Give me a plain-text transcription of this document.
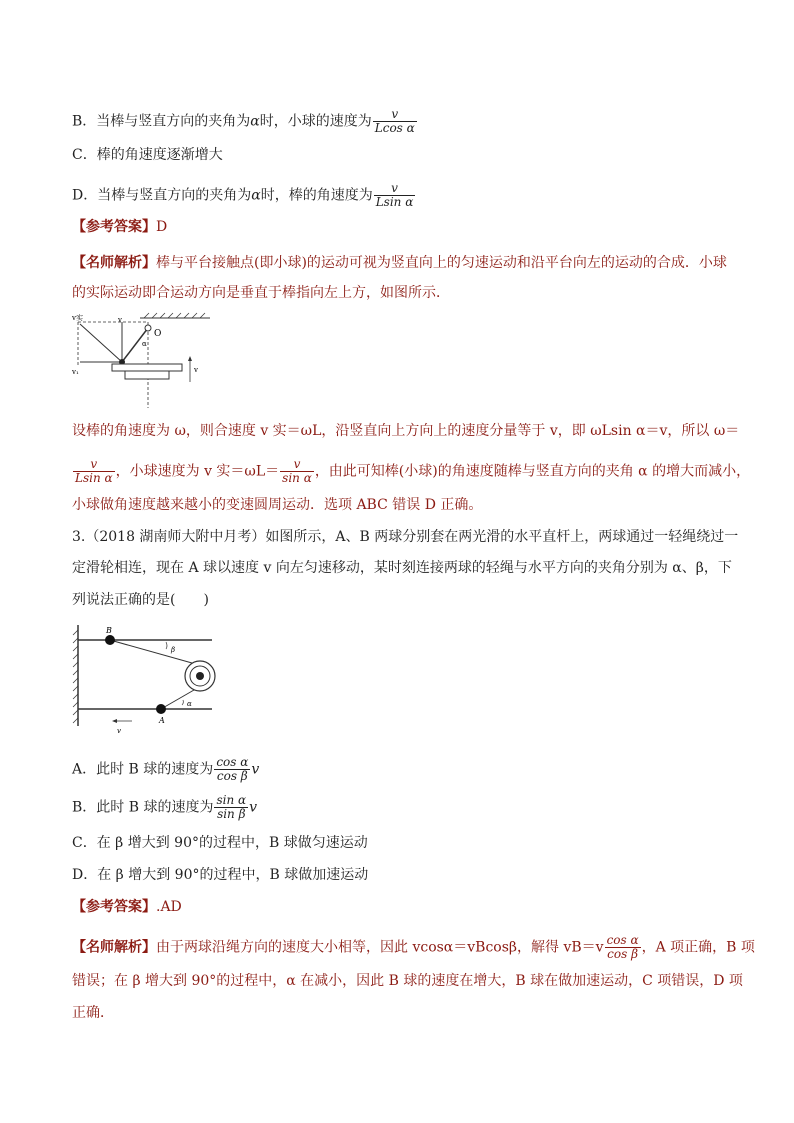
B．当棒与竖直方向的夹角为α时，小球的速度为 $\frac{v}{\text{Lcos α}}$
C．棒的角速度逐渐增大
D．当棒与竖直方向的夹角为α时，棒的角速度为 $\frac{v}{\text{Lsin α}}$
【参考答案】D
【名师解析】棒与平台接触点(即小球)的运动可视为竖直向上的匀速运动和沿平台向左的运动的合成．小球
的实际运动即合运动方向是垂直于棒指向左上方，如图所示．
v实	v
O
α
v₁	v
设棒的角速度为 ω，则合速度 v 实＝ωL，沿竖直向上方向上的速度分量等于 v，即 ωLsin α＝v，所以 ω＝
$\frac{v}{\text{Lsin α}}$ ，小球速度为 v 实$=\omega L= \frac{v}{\text{sin α}}$ ，由此可知棒(小球)的角速度随棒与竖直方向的夹角 α 的增大而减小，
小球做角速度越来越小的变速圆周运动．选项 ABC 错误 D 正确。
3.（2018 湖南师大附中月考）如图所示，A、B 两球分别套在两光滑的水平直杆上，两球通过一轻绳绕过一
定滑轮相连，现在 A 球以速度 v 向左匀速移动，某时刻连接两球的轻绳与水平方向的夹角分别为 α、β，下
列说法正确的是(　　)
B
A
β
α
v
A．此时 B 球的速度为 $\frac{\text{cos α}}{\text{cos β}}$ v
B．此时 B 球的速度为 $\frac{\text{sin α}}{\text{sin β}}$ v
C．在 β 增大到 90°的过程中，B 球做匀速运动
D．在 β 增大到 90°的过程中，B 球做加速运动
【参考答案】.AD
【名师解析】由于两球沿绳方向的速度大小相等，因此 vcosα＝vBcosβ，解得 $vB=v \frac{\text{cos α}}{\text{cos β}}$ ，A 项正确，B 项
错误；在 β 增大到 90°的过程中，α 在减小，因此 B 球的速度在增大，B 球在做加速运动，C 项错误，D 项
正确．
